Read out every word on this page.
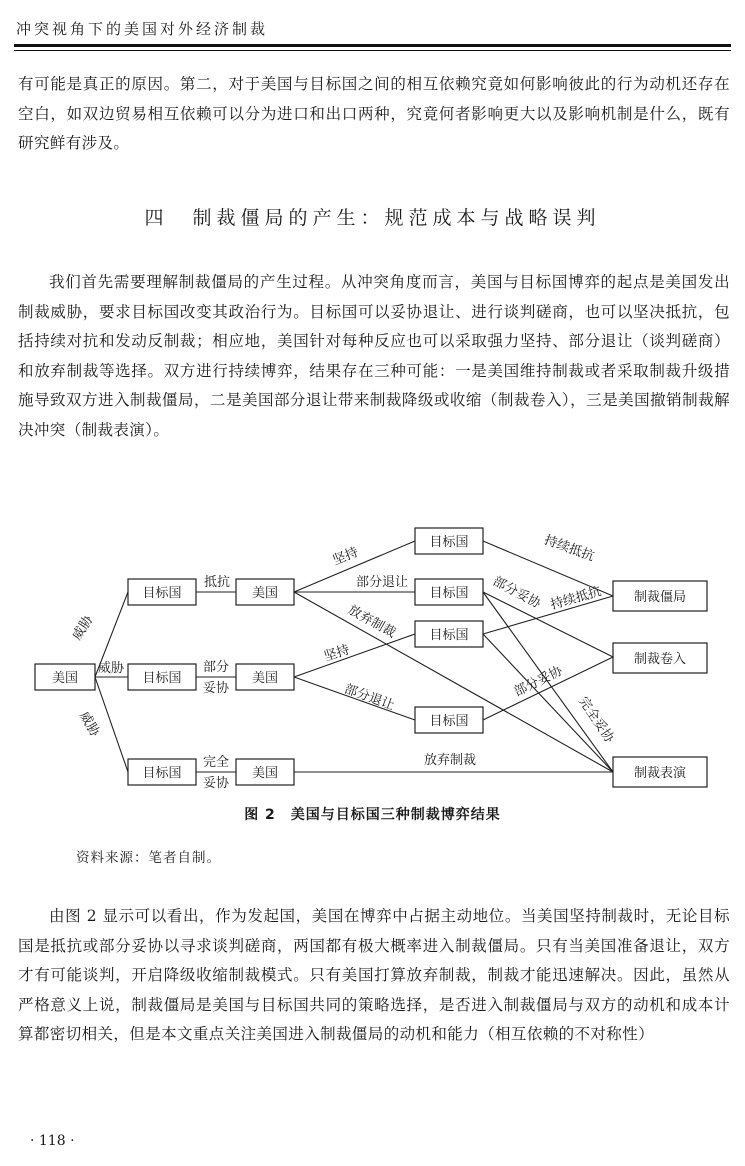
冲突视角下的美国对外经济制裁

有可能是真正的原因。第二，对于美国与目标国之间的相互依赖究竟如何影响彼此的行为动机还存在空白，如双边贸易相互依赖可以分为进口和出口两种，究竟何者影响更大以及影响机制是什么，既有研究鲜有涉及。

四　制裁僵局的产生：规范成本与战略误判

我们首先需要理解制裁僵局的产生过程。从冲突角度而言，美国与目标国博弈的起点是美国发出制裁威胁，要求目标国改变其政治行为。目标国可以妥协退让、进行谈判磋商，也可以坚决抵抗，包括持续对抗和发动反制裁；相应地，美国针对每种反应也可以采取强力坚持、部分退让（谈判磋商）和放弃制裁等选择。双方进行持续博弈，结果存在三种可能：一是美国维持制裁或者采取制裁升级措施导致双方进入制裁僵局，二是美国部分退让带来制裁降级或收缩（制裁卷入），三是美国撤销制裁解决冲突（制裁表演）。

美国
目标国
目标国
目标国
美国
美国
美国
目标国
目标国
目标国
目标国
制裁僵局
制裁卷入
制裁表演
威胁
威胁
威胁
抵抗
部分
妥协
完全
妥协
坚持
部分退让
放弃制裁
坚持
部分退让
持续抵抗
部分妥协 持续抵抗
部分妥协
完全妥协
放弃制裁
图 2　美国与目标国三种制裁博弈结果
资料来源：笔者自制。

由图 2 显示可以看出，作为发起国，美国在博弈中占据主动地位。当美国坚持制裁时，无论目标国是抵抗或部分妥协以寻求谈判磋商，两国都有极大概率进入制裁僵局。只有当美国准备退让，双方才有可能谈判，开启降级收缩制裁模式。只有美国打算放弃制裁，制裁才能迅速解决。因此，虽然从严格意义上说，制裁僵局是美国与目标国共同的策略选择，是否进入制裁僵局与双方的动机和成本计算都密切相关，但是本文重点关注美国进入制裁僵局的动机和能力（相互依赖的不对称性）

· 118 ·
